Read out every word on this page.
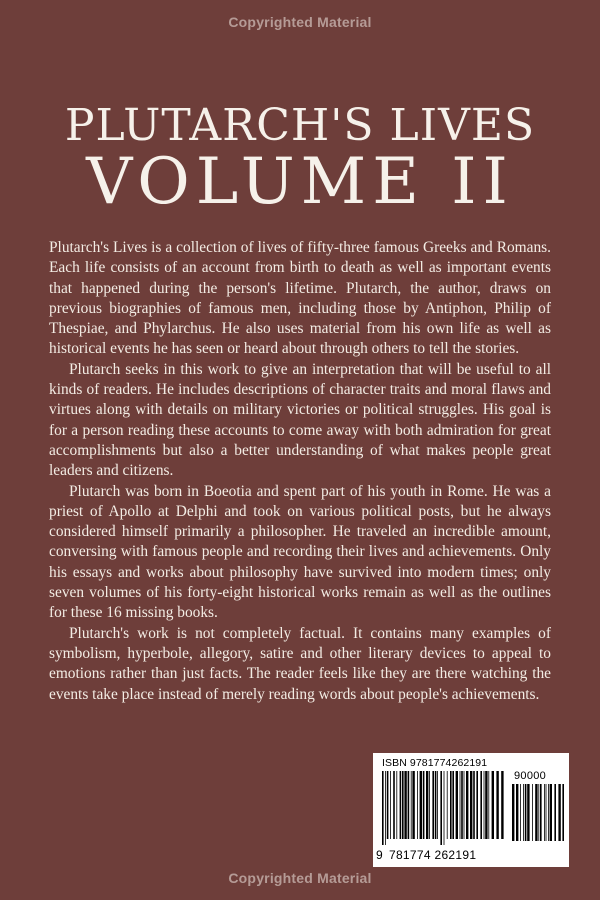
Copyrighted Material
PLUTARCH'S LIVES
VOLUME II

Plutarch's Lives is a collection of lives of fifty-three famous Greeks and Romans. Each life consists of an account from birth to death as well as important events that happened during the person's lifetime. Plutarch, the author, draws on previous biographies of famous men, including those by Antiphon, Philip of Thespiae, and Phylarchus. He also uses material from his own life as well as historical events he has seen or heard about through others to tell the stories.

Plutarch seeks in this work to give an interpretation that will be useful to all kinds of readers. He includes descriptions of character traits and moral flaws and virtues along with details on military victories or political struggles. His goal is for a person reading these accounts to come away with both admiration for great accomplishments but also a better understanding of what makes people great leaders and citizens.

Plutarch was born in Boeotia and spent part of his youth in Rome. He was a priest of Apollo at Delphi and took on various political posts, but he always considered himself primarily a philosopher. He traveled an incredible amount, conversing with famous people and recording their lives and achievements. Only his essays and works about philosophy have survived into modern times; only seven volumes of his forty-eight historical works remain as well as the outlines for these 16 missing books.

Plutarch's work is not completely factual. It contains many examples of symbolism, hyperbole, allegory, satire and other literary devices to appeal to emotions rather than just facts. The reader feels like they are there watching the events take place instead of merely reading words about people's achievements.

ISBN 9781774262191
90000
9 781774 262191
Copyrighted Material
